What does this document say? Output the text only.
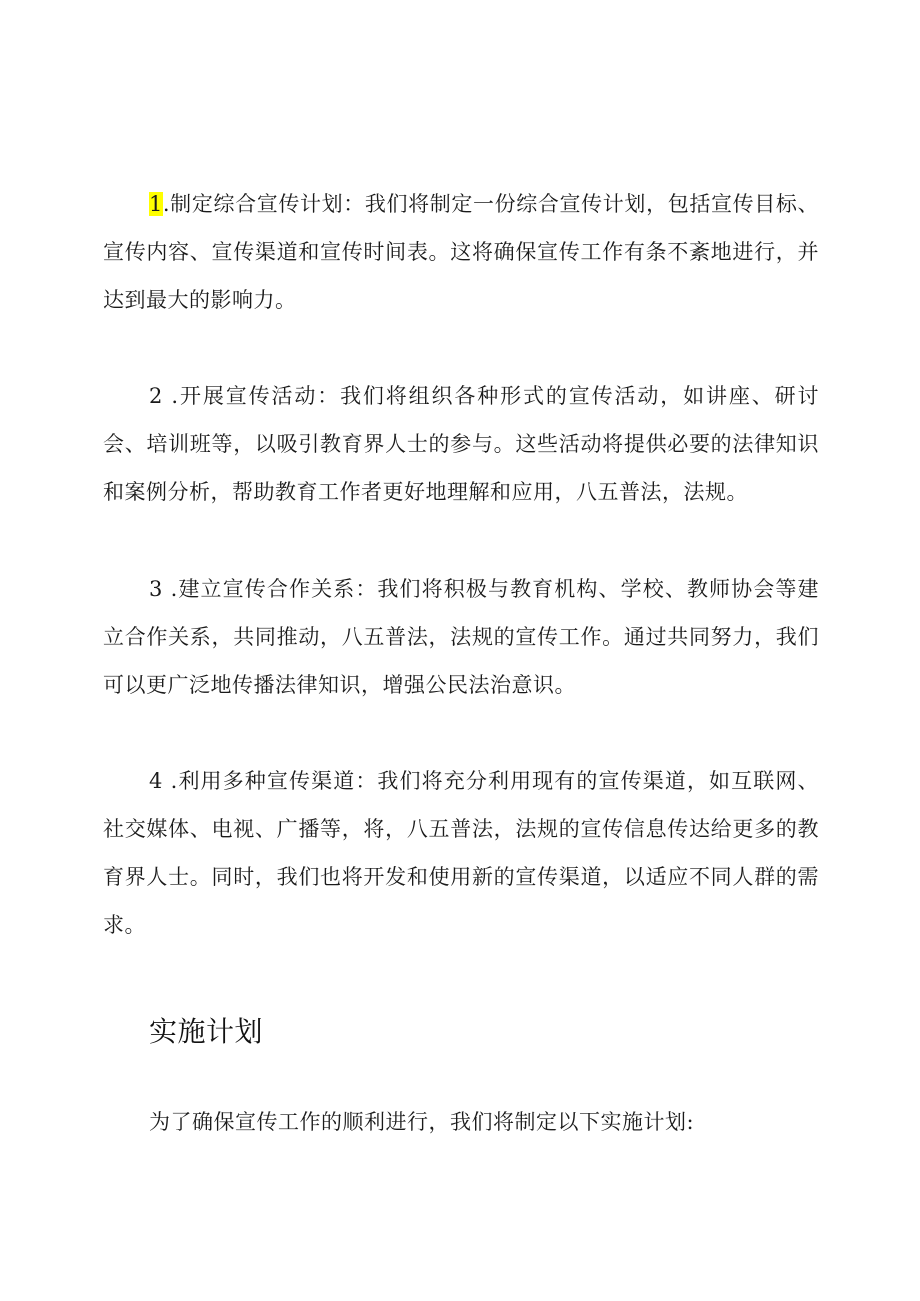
1.制定综合宣传计划：我们将制定一份综合宣传计划，包括宣传目标、宣传内容、宣传渠道和宣传时间表。这将确保宣传工作有条不紊地进行，并达到最大的影响力。

2 .开展宣传活动：我们将组织各种形式的宣传活动，如讲座、研讨会、培训班等，以吸引教育界人士的参与。这些活动将提供必要的法律知识和案例分析，帮助教育工作者更好地理解和应用，八五普法，法规。

3 .建立宣传合作关系：我们将积极与教育机构、学校、教师协会等建立合作关系，共同推动，八五普法，法规的宣传工作。通过共同努力，我们可以更广泛地传播法律知识，增强公民法治意识。

4 .利用多种宣传渠道：我们将充分利用现有的宣传渠道，如互联网、社交媒体、电视、广播等，将，八五普法，法规的宣传信息传达给更多的教育界人士。同时，我们也将开发和使用新的宣传渠道，以适应不同人群的需求。

实施计划

为了确保宣传工作的顺利进行，我们将制定以下实施计划:
